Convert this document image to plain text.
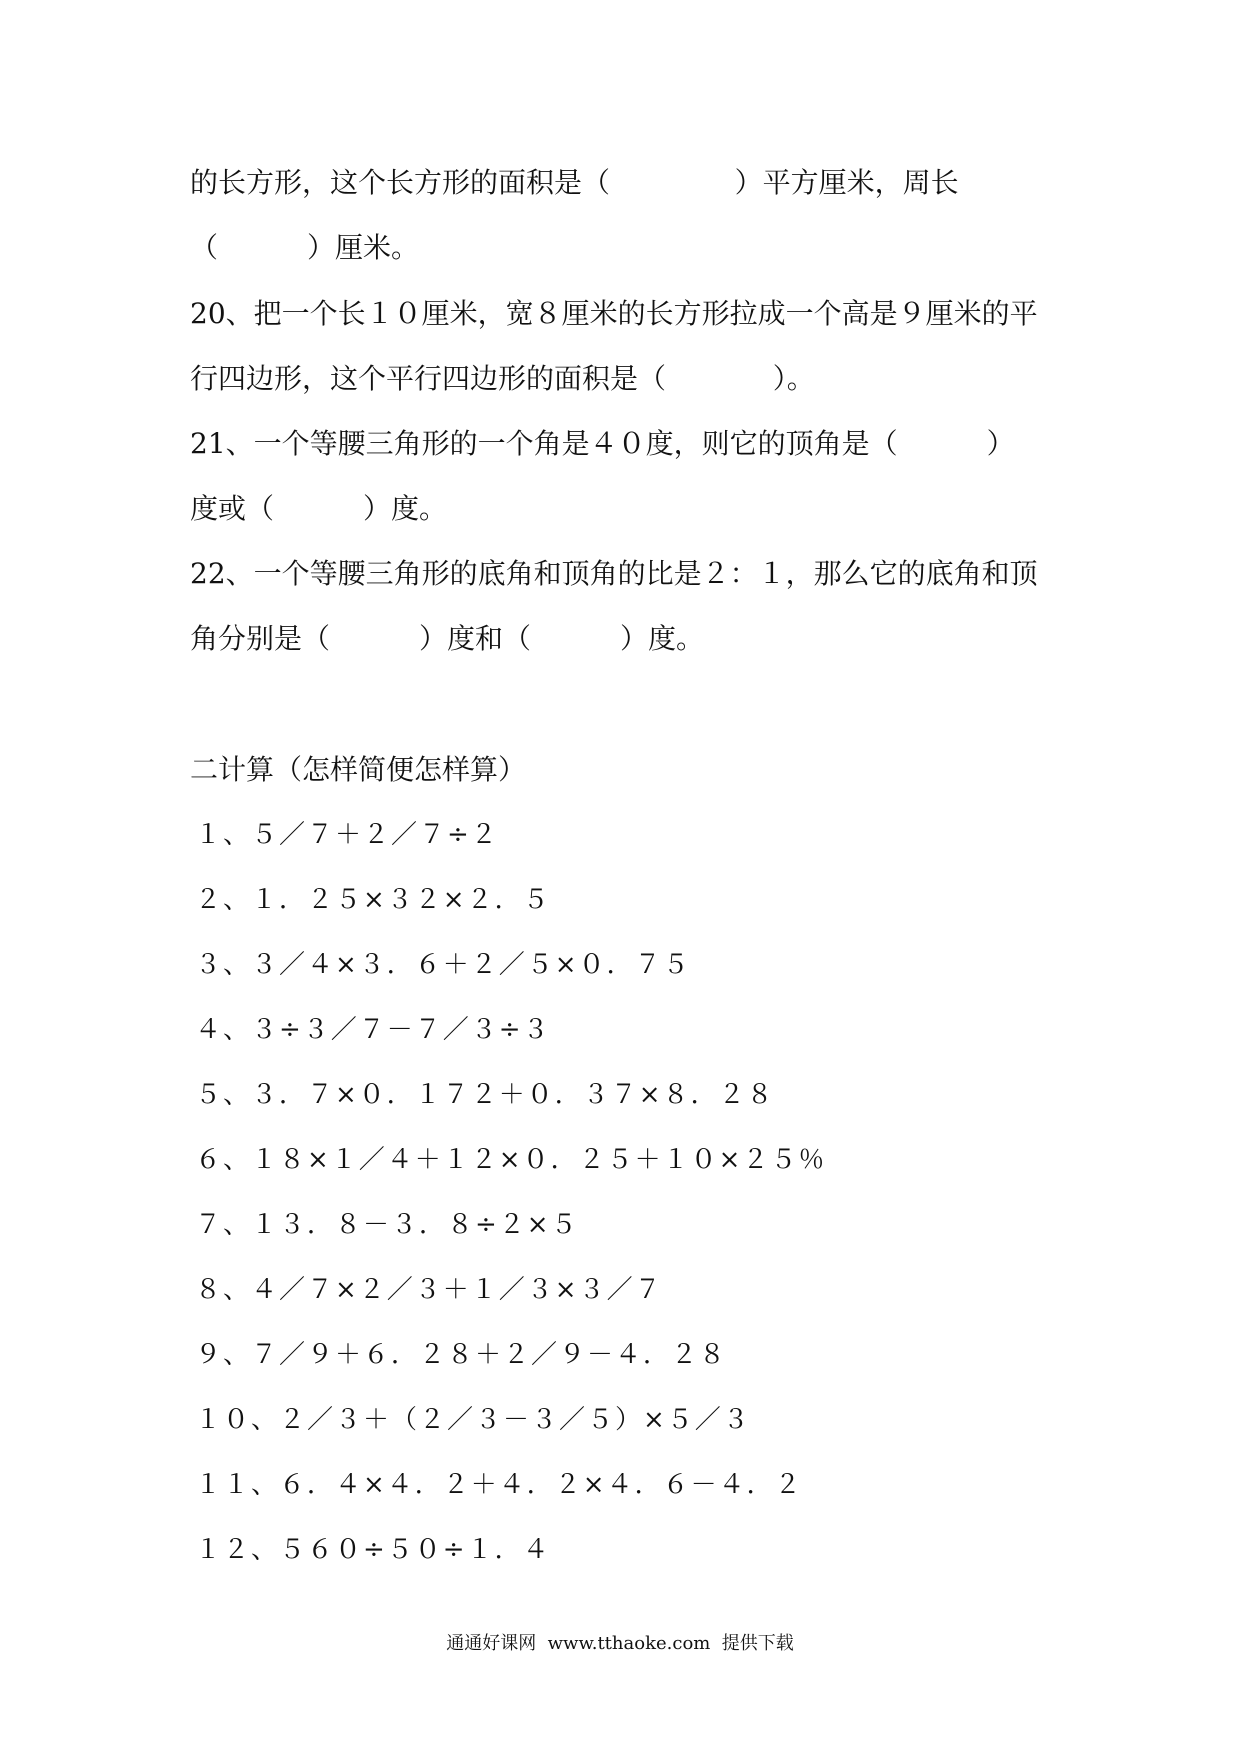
的长方形，这个长方形的面积是（              ）平方厘米，周长
（          ）厘米。
20、把一个长１０厘米，宽８厘米的长方形拉成一个高是９厘米的平
行四边形，这个平行四边形的面积是（            ）。
21、一个等腰三角形的一个角是４０度，则它的顶角是（          ）
度或（          ）度。
22、一个等腰三角形的底角和顶角的比是２：１，那么它的底角和顶
角分别是（          ）度和（          ）度。
二计算（怎样简便怎样算）
１、５／７＋２／７÷２
２、１．２５×３２×２．５
３、３／４×３．６＋２／５×０．７５
４、３÷３／７－７／３÷３
５、３．７×０．１７２＋０．３７×８．２８
６、１８×１／４＋１２×０．２５＋１０×２５％
７、１３．８－３．８÷２×５
８、４／７×２／３＋１／３×３／７
９、７／９＋６．２８＋２／９－４．２８
１０、２／３＋（２／３－３／５）×５／３
１１、６．４×４．２＋４．２×４．６－４．２
１２、５６０÷５０÷１．４
通通好课网  www.tthaoke.com  提供下载
